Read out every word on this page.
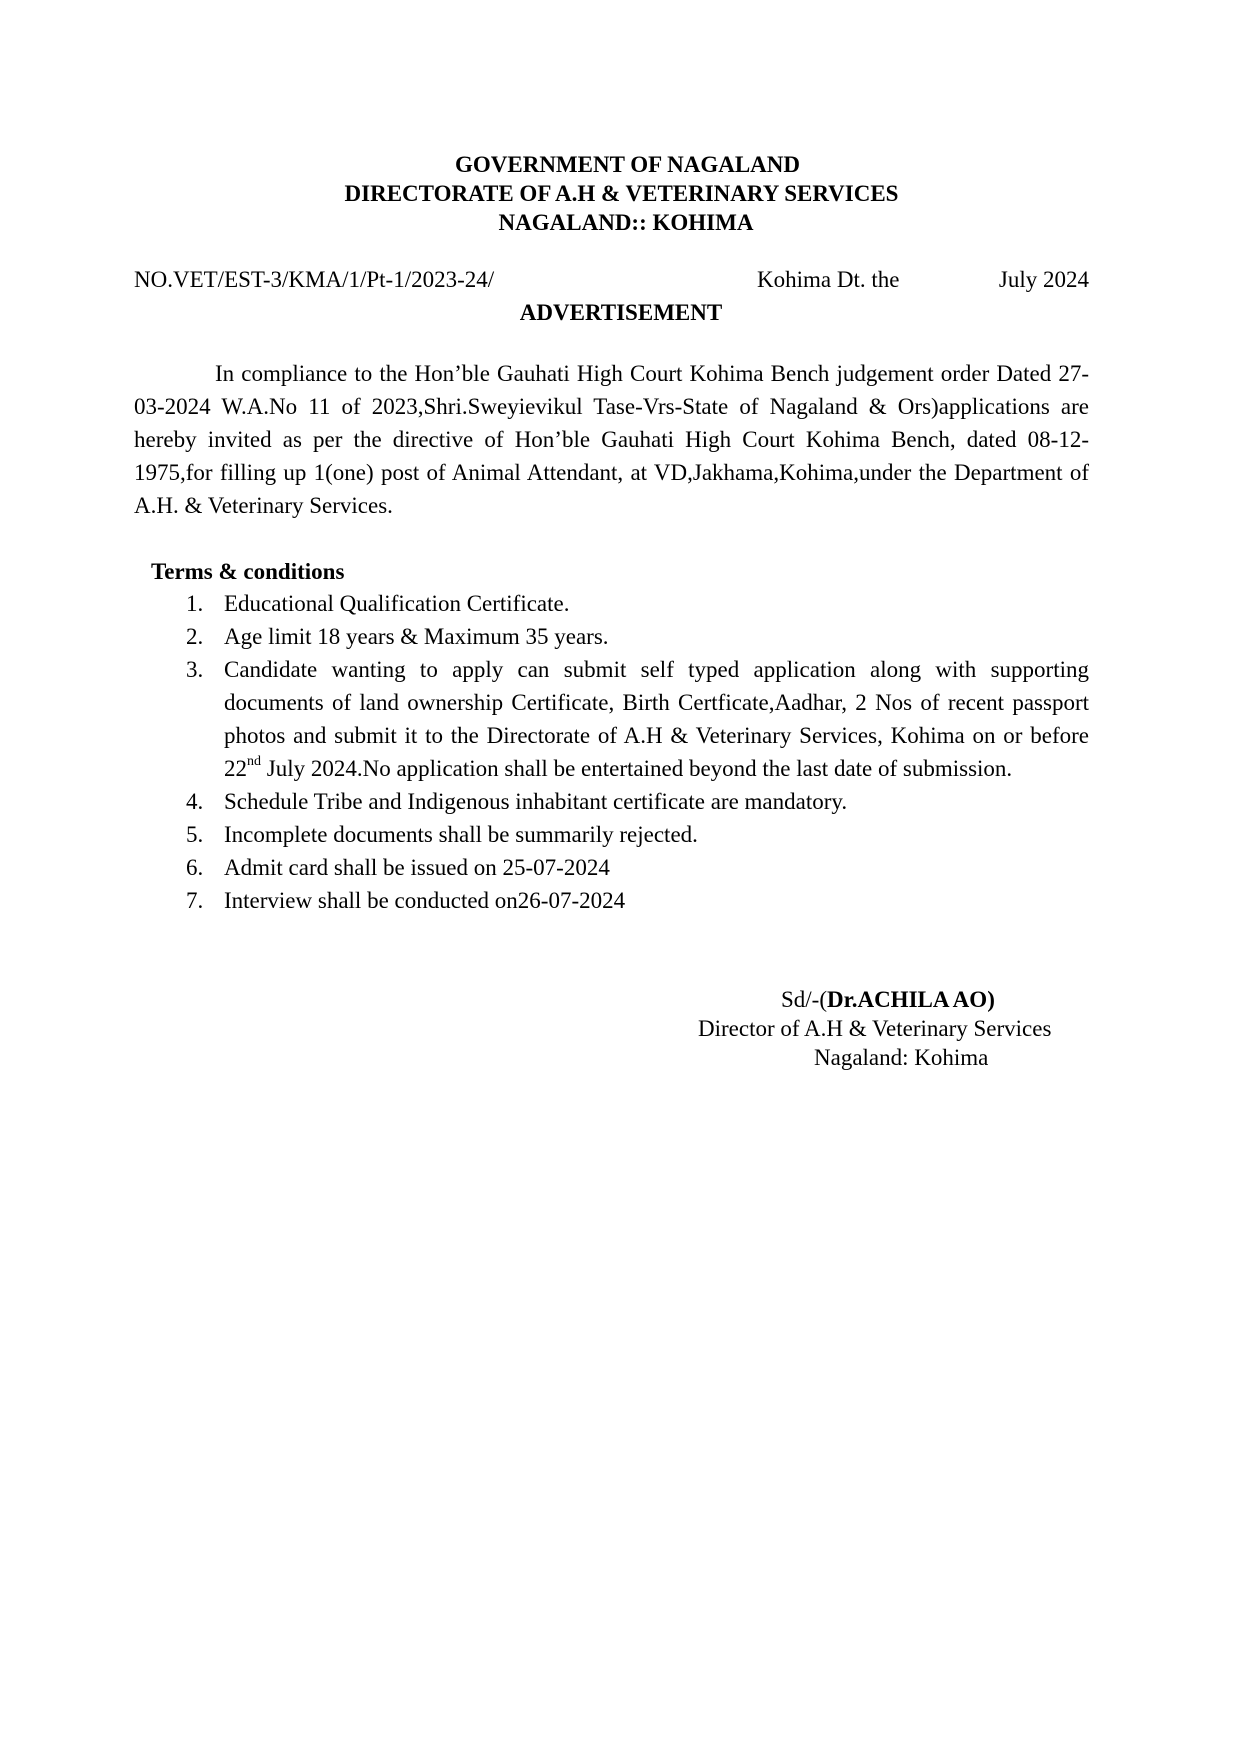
GOVERNMENT OF NAGALAND
DIRECTORATE OF A.H & VETERINARY SERVICES
NAGALAND:: KOHIMA
NO.VET/EST-3/KMA/1/Pt-1/2023-24/	Kohima Dt. the	July 2024
ADVERTISEMENT

In compliance to the Hon’ble Gauhati High Court Kohima Bench judgement order Dated 27-03-2024 W.A.No 11 of 2023,Shri.Sweyievikul Tase-Vrs-State of Nagaland & Ors)applications are hereby invited as per the directive of Hon’ble Gauhati High Court Kohima Bench, dated 08-12-1975,for filling up 1(one) post of Animal Attendant, at VD,Jakhama,Kohima,under the Department of A.H. & Veterinary Services.

Terms & conditions
1. Educational Qualification Certificate.
2. Age limit 18 years & Maximum 35 years.
3. Candidate wanting to apply can submit self typed application along with supporting documents of land ownership Certificate, Birth Certficate,Aadhar, 2 Nos of recent passport photos and submit it to the Directorate of A.H & Veterinary Services, Kohima on or before 22nd July 2024.No application shall be entertained beyond the last date of submission.
4. Schedule Tribe and Indigenous inhabitant certificate are mandatory.
5. Incomplete documents shall be summarily rejected.
6. Admit card shall be issued on 25-07-2024
7. Interview shall be conducted on26-07-2024
Sd/-(Dr.ACHILA AO)
Director of A.H & Veterinary Services
Nagaland: Kohima
